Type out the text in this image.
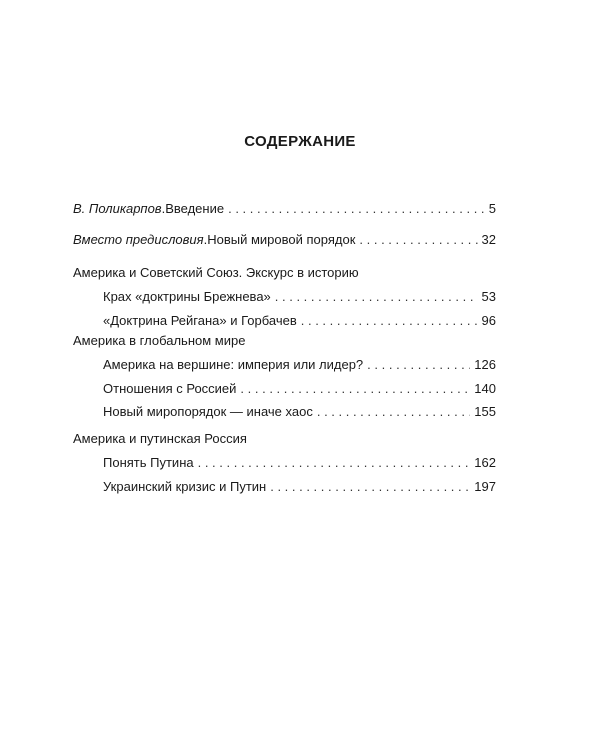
СОДЕРЖАНИЕ
В. Поликарпов . Введение . . .	5
Вместо предисловия . Новый мировой порядок . . .	32
Америка и Советский Союз. Экскурс в историю
Крах «доктрины Брежнева» . . .	53
«Доктрина Рейгана» и Горбачев . . .	96
Америка в глобальном мире
Америка на вершине: империя или лидер? . . .	126
Отношения с Россией . . .	140
Новый миропорядок — иначе хаос . . .	155
Америка и путинская Россия
Понять Путина . . .	162
Украинский кризис и Путин . . .	197
